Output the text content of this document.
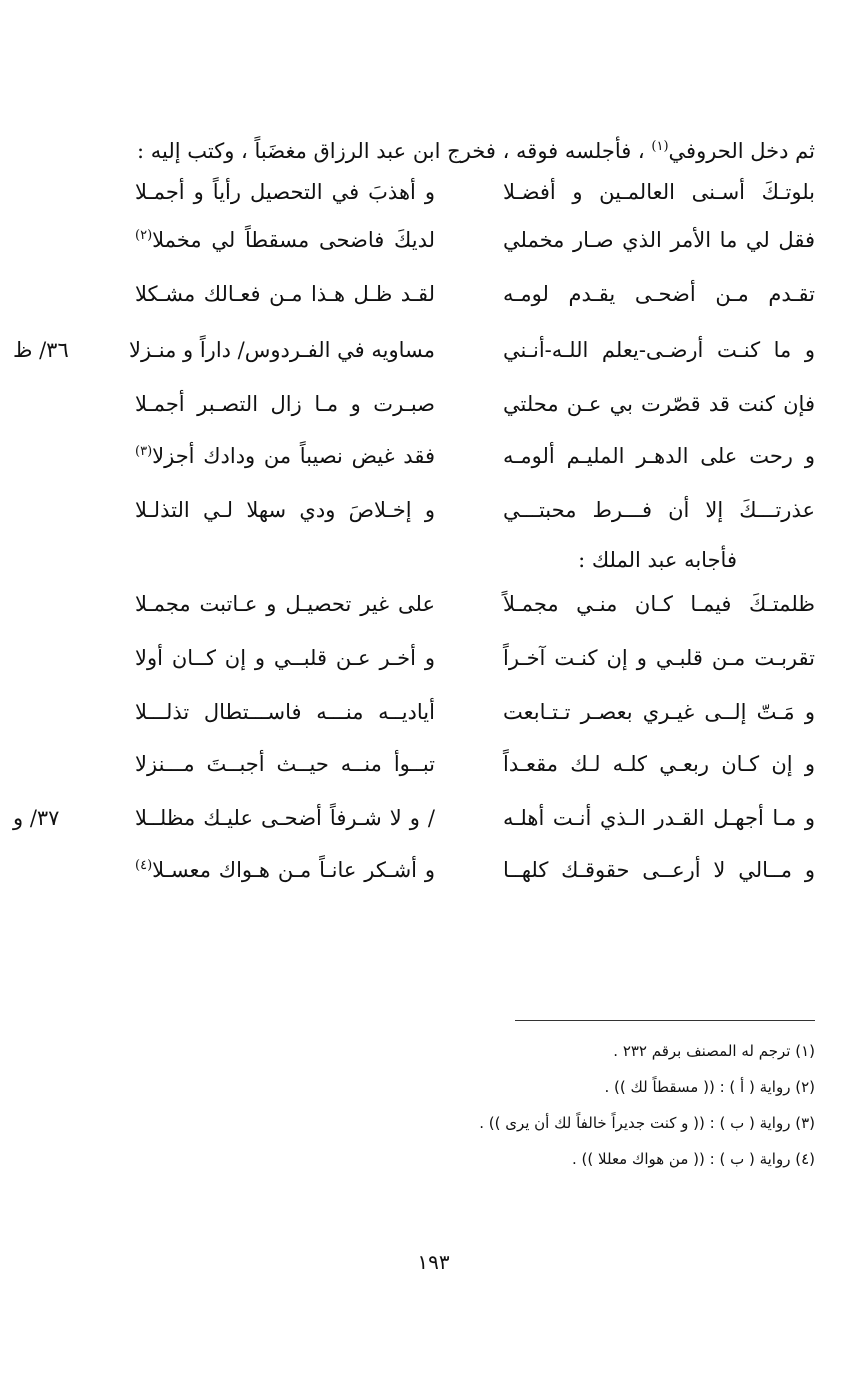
ثم دخل الحروفي$^{(١)}$ ، فأجلسه فوقه ، فخرج ابن عبد الرزاق مغضَباً ، وكتب إليه :
بلوتـكَ أسـنى العالمـين و أفضـلا
و أهذبَ في التحصيل رأياً و أجمـلا
فقل لي ما الأمر الذي صـار مخملي
لديكَ فاضحى مسقطاً لي مخملا$^{(٢)}$
تقـدم مـن أضحـى يقـدم لومـه
لقـد ظـل هـذا مـن فعـالك مشـكلا
و ما كنـت أرضـى-يعلم اللـه-أنـني
مساويه في الفـردوس/ داراً و منـزلا
٣٦/ ظ
فإن كنت قد قصّرت بي عـن محلتي
صبـرت و مـا زال التصـبر أجمـلا
و رحت على الدهـر المليـم ألومـه
فقد غيض نصيباً من ودادك أجزلا$^{(٣)}$
عذرتـــكَ إلا أن فـــرط محبتـــي
و إخـلاصَ ودي سهلا لـي التذلـلا
فأجابه عبد الملك :
ظلمتـكَ فيمـا كـان منـي مجمـلاً
على غير تحصيـل و عـاتبت مجمـلا
تقربـت مـن قلبـي و إن كنـت آخـراً
و أخـر عـن قلبــي و إن كــان أولا
و مَـتّ إلــى غيـري بعصـر تـتـابعت
أياديــه منـــه فاســـتطال تذلـــلا
و إن كـان ربعـي كلـه لـك مقعـداً
تبــوأ منــه حيــث أجبــتَ مـــنزلا
و مـا أجهـل القـدر الـذي أنـت أهلـه
/ و لا شـرفاً أضحـى عليـك مظلــلا
٣٧/ و
و مــالي لا أرعــى حقوقـك كلهــا
و أشـكر عانـاً مـن هـواك معسـلا$^{(٤)}$
(١) ترجم له المصنف برقم ٢٣٢ .
(٢) رواية ( أ ) : (( مسقطاً لك )) .
(٣) رواية ( ب ) : (( و كنت جديراً خالفاً لك أن يرى )) .
(٤) رواية ( ب ) : (( من هواك معللا )) .
١٩٣
